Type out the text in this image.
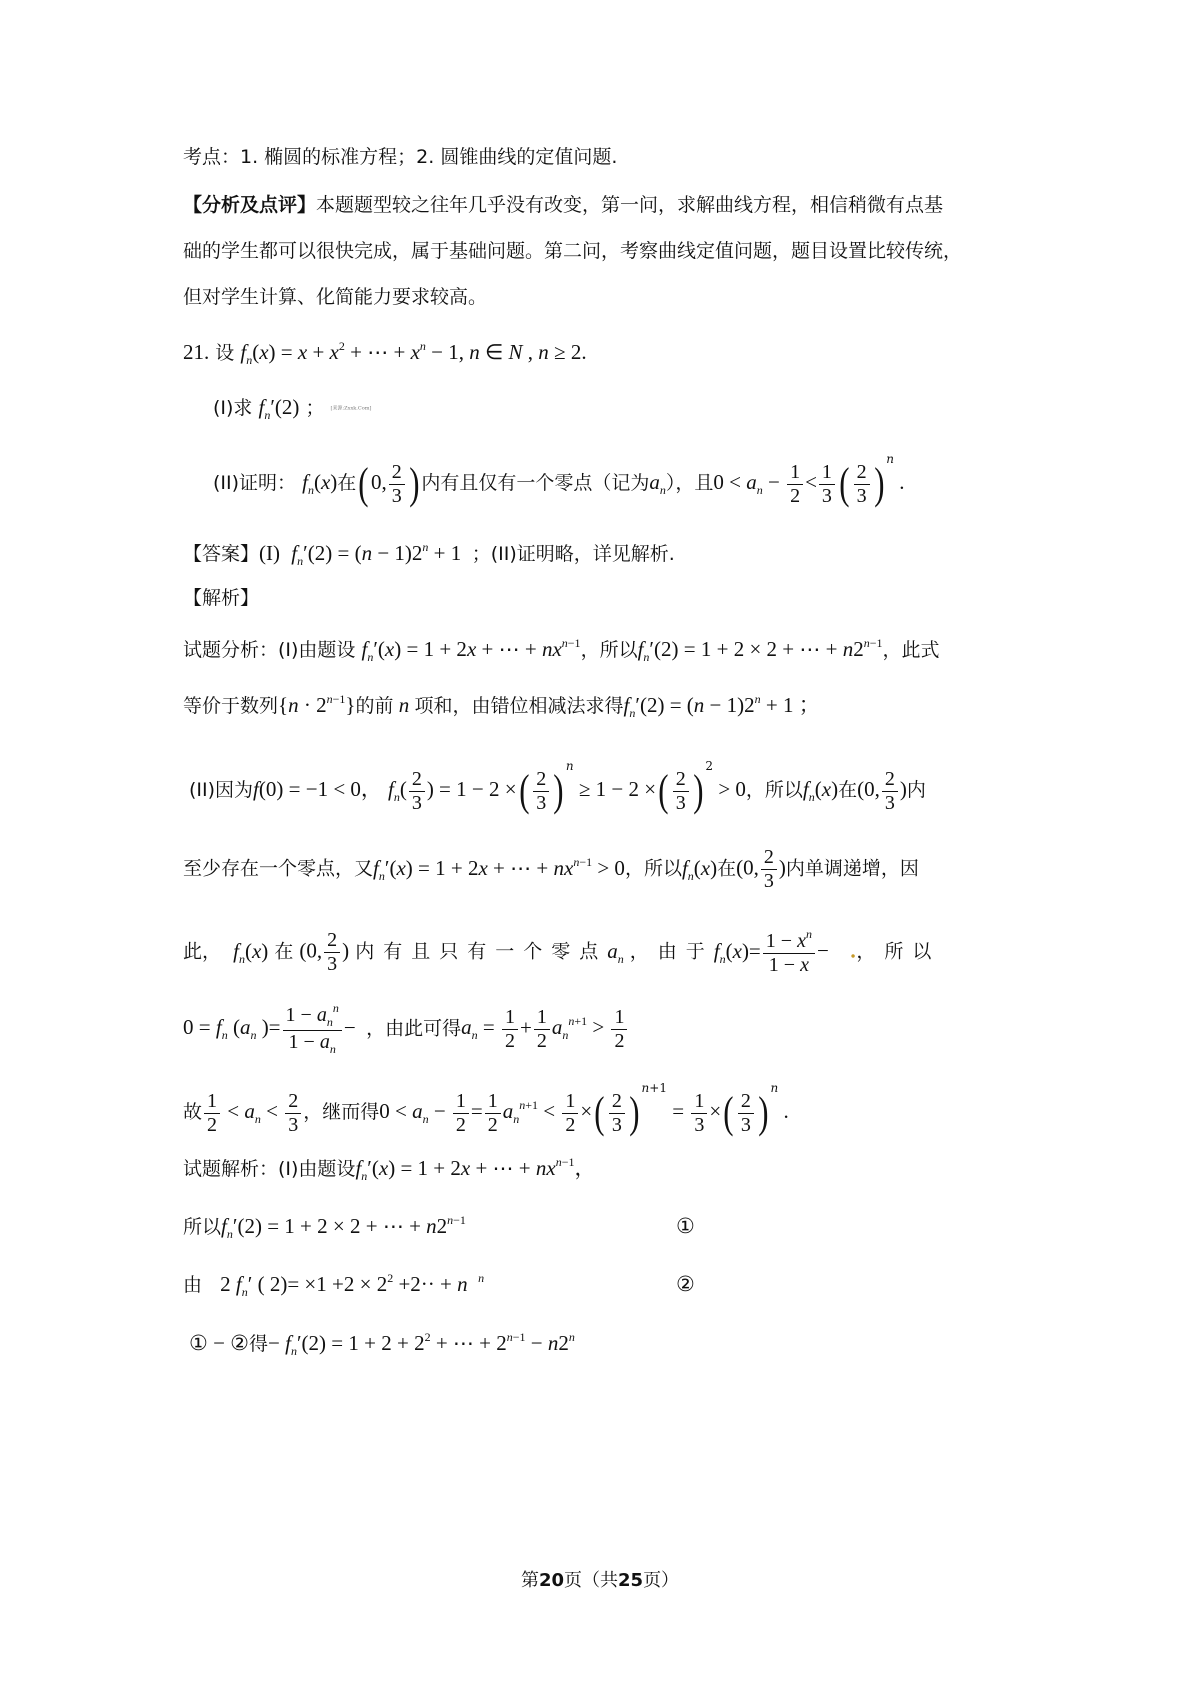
考点：1. 椭圆的标准方程；2. 圆锥曲线的定值问题.
【分析及点评】本题题型较之往年几乎没有改变，第一问，求解曲线方程，相信稍微有点基
础的学生都可以很快完成，属于基础问题。第二问，考察曲线定值问题，题目设置比较传统，
但对学生计算、化简能力要求较高。
21. 设 $f_n(x) = x + x^2$ + ⋯ + $x^n - 1$, n ∈ N , n ≥ 2.
(I)求 $f_n'(2)$ ； [来源:Zxxk.Com]
(II)证明： $f_n(x)$在( 0, $\frac{2}{3}$ ) 内有且仅有一个零点（记为$a_n$），且$0 < a_n - \frac{1}{2} < \frac{1}{3}$ ( $\frac{2}{3}$ ) $^n$ .
【答案】(I) $f_n'(2) = (n - 1)2^n + 1$  ；(II)证明略，详见解析.
【解析】
试题分析：(I)由题设 $f_n'(x) = 1 + 2x$ + ⋯ + $nx^{n-1}$，所以$f_n'(2) = 1 + 2 \times 2$ + ⋯ + $n2^{n-1}$，此式
等价于数列$\{n \cdot 2^{n-1}\}$的前 n 项和，由错位相减法求得$f_n'(2) = (n - 1)2^n + 1$ ；
(II)因为f(0) = −1 < 0， $f_n( \frac{2}{3}$ ) = 1 − 2 ×( $\frac{2}{3}$ ) $^n$ ≥ 1 − 2 ×( $\frac{2}{3}$ ) $^2$ > 0，所以$f_n(x)$在(0, $\frac{2}{3}$ )内
至少存在一个零点，又$f_n'(x) = 1 + 2x$ + ⋯ + $nx^{n-1} > 0$，所以$f_n(x)$在(0, $\frac{2}{3}$ )内单调递增，因
此， $f_n(x)$ 在 (0, $\frac{2}{3}$ ) 内有且只有一个零点$a_n$ ，由于$f_n(x)= \frac{1 - x^n}{1 - x}$ −    .，所以
$0 = f_n$ ($a_n$ )= $\frac{1 - a_n^n}{1 - a_n}$ −  ，由此可得$a_n = \frac{1}{2} + \frac{1}{2} a_n^{n+1} > \frac{1}{2}$
故 $\frac{1}{2} < a_n < \frac{2}{3}$ ，继而得$0 < a_n - \frac{1}{2} = \frac{1}{2} a_n^{n+1} < \frac{1}{2}$ ×( $\frac{2}{3}$ ) $^{n+1} = \frac{1}{3}$ ×( $\frac{2}{3}$ ) $^n$ .
试题解析：(I)由题设$f_n'(x) = 1 + 2x$ + ⋯ + $nx^{n-1}$，
所以$f_n'(2) = 1 + 2 \times 2$ + ⋯ + $n2^{n-1}$	①
由 2 $f_n'$ ( $2)= \times 1 +2 \times 2^2 +2\cdot\cdot + n$ $^n$	②
① − ②得− $f_n'(2) = 1 + 2 + 2^2$ + ⋯ + $2^{n-1} - n2^n$
第20页（共25页）
